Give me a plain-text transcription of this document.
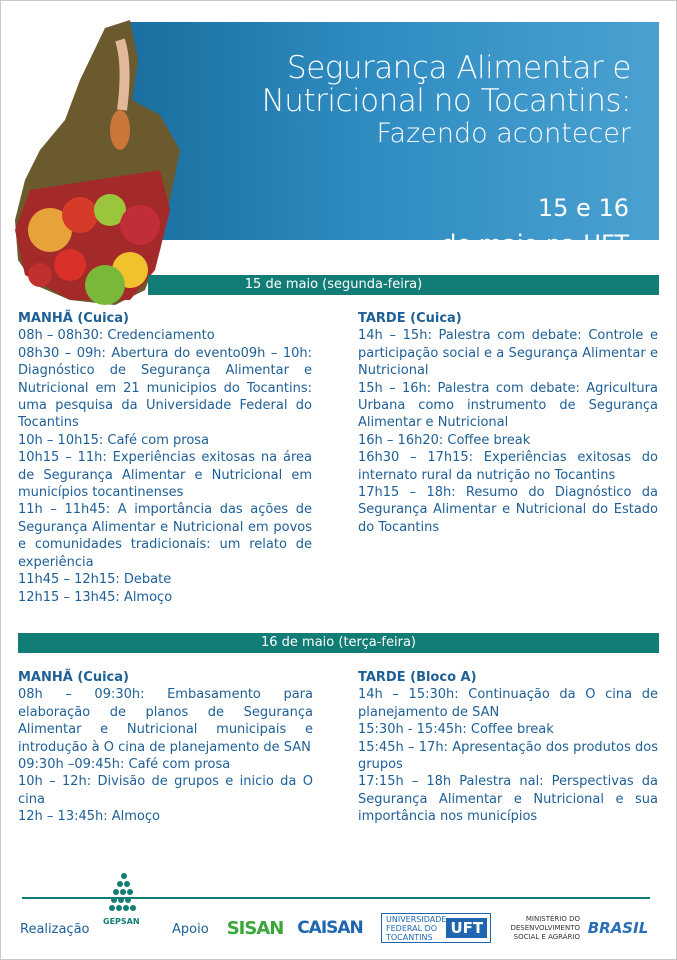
Segurança Alimentar e
Nutricional no Tocantins:
Fazendo acontecer
15 e 16
de maio na UFT
15 de maio (segunda-feira)

MANHÃ (Cuica)

08h – 08h30: Credenciamento

08h30 – 09h: Abertura do evento09h – 10h: Diagnóstico de Segurança Alimentar e Nutricional em 21 municipios do Tocantins: uma pesquisa da Universidade Federal do Tocantins

10h – 10h15: Café com prosa

10h15 – 11h: Experiências exitosas na área de Segurança Alimentar e Nutricional em municípios tocantinenses

11h – 11h45: A importância das ações de Segurança Alimentar e Nutricional em povos e comunidades tradicionais: um relato de experiência

11h45 – 12h15: Debate

12h15 – 13h45: Almoço

TARDE (Cuica)

14h – 15h: Palestra com debate: Controle e participação social e a Segurança Alimentar e Nutricional

15h – 16h: Palestra com debate: Agricultura Urbana como instrumento de Segurança Alimentar e Nutricional

16h – 16h20: Coffee break

16h30 – 17h15: Experiências exitosas do internato rural da nutrição no Tocantins

17h15 – 18h: Resumo do Diagnóstico da Segurança Alimentar e Nutricional do Estado do Tocantins

16 de maio (terça-feira)

MANHÃ (Cuica)

08h – 09:30h: Embasamento para elaboração de planos de Segurança Alimentar e Nutricional municipais e introdução à O cina de planejamento de SAN

09:30h –09:45h: Café com prosa

10h – 12h: Divisão de grupos e inicio da O cina

12h – 13:45h: Almoço

TARDE (Bloco A)

14h – 15:30h: Continuação da O cina de planejamento de SAN

15:30h - 15:45h: Coffee break

15:45h – 17h: Apresentação dos produtos dos grupos

17:15h – 18h Palestra nal: Perspectivas da Segurança Alimentar e Nutricional e sua importância nos municípios

Realização
GEPSAN
Apoio SISAN CAISAN	UNIVERSIDADE FEDERAL DO TOCANTINS	UFT
MINISTÉRIO DO DESENVOLVIMENTO SOCIAL E AGRÁRIO BRASIL
